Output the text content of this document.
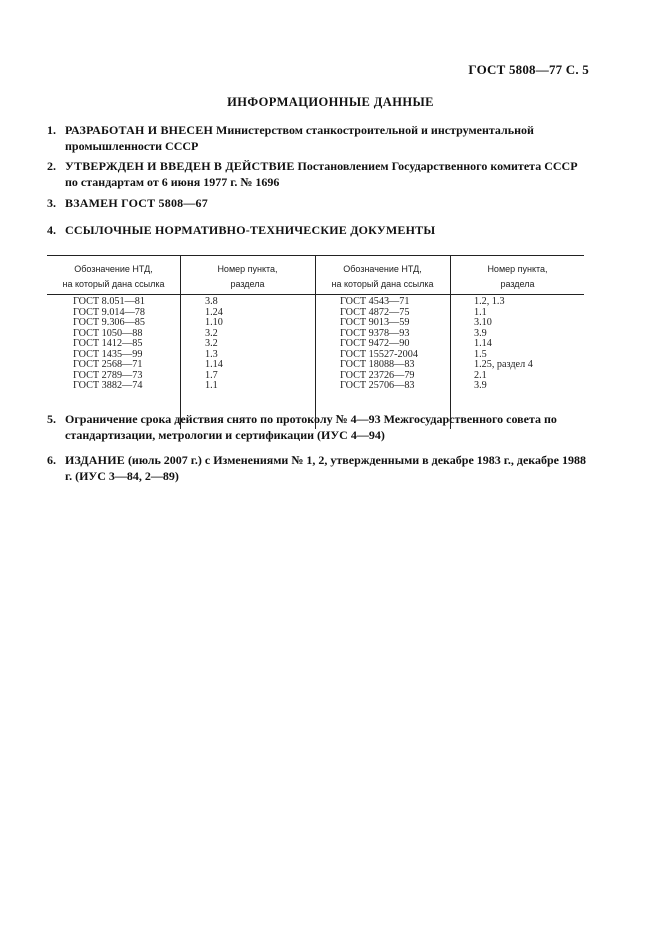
ГОСТ 5808—77 С. 5
ИНФОРМАЦИОННЫЕ ДАННЫЕ
1. РАЗРАБОТАН И ВНЕСЕН Министерством станкостроительной и инструментальной промышленности СССР
2. УТВЕРЖДЕН И ВВЕДЕН В ДЕЙСТВИЕ Постановлением Государственного комитета СССР по стандартам от 6 июня 1977 г. № 1696
3. ВЗАМЕН ГОСТ 5808—67
4. ССЫЛОЧНЫЕ НОРМАТИВНО-ТЕХНИЧЕСКИЕ ДОКУМЕНТЫ
Обозначение НТД,
на который дана ссылка
Номер пункта,
раздела
Обозначение НТД,
на который дана ссылка
Номер пункта,
раздела
ГОСТ 8.051—81
ГОСТ 9.014—78
ГОСТ 9.306—85
ГОСТ 1050—88
ГОСТ 1412—85
ГОСТ 1435—99
ГОСТ 2568—71
ГОСТ 2789—73
ГОСТ 3882—74
3.8
1.24
1.10
3.2
3.2
1.3
1.14
1.7
1.1
ГОСТ 4543—71
ГОСТ 4872—75
ГОСТ 9013—59
ГОСТ 9378—93
ГОСТ 9472—90
ГОСТ 15527-2004
ГОСТ 18088—83
ГОСТ 23726—79
ГОСТ 25706—83
1.2, 1.3
1.1
3.10
3.9
1.14
1.5
1.25, раздел 4
2.1
3.9
5. Ограничение срока действия снято по протоколу № 4—93 Межгосударственного совета по стандартизации, метрологии и сертификации (ИУС 4—94)
6. ИЗДАНИЕ (июль 2007 г.) с Изменениями № 1, 2, утвержденными в декабре 1983 г., декабре 1988 г. (ИУС 3—84, 2—89)
